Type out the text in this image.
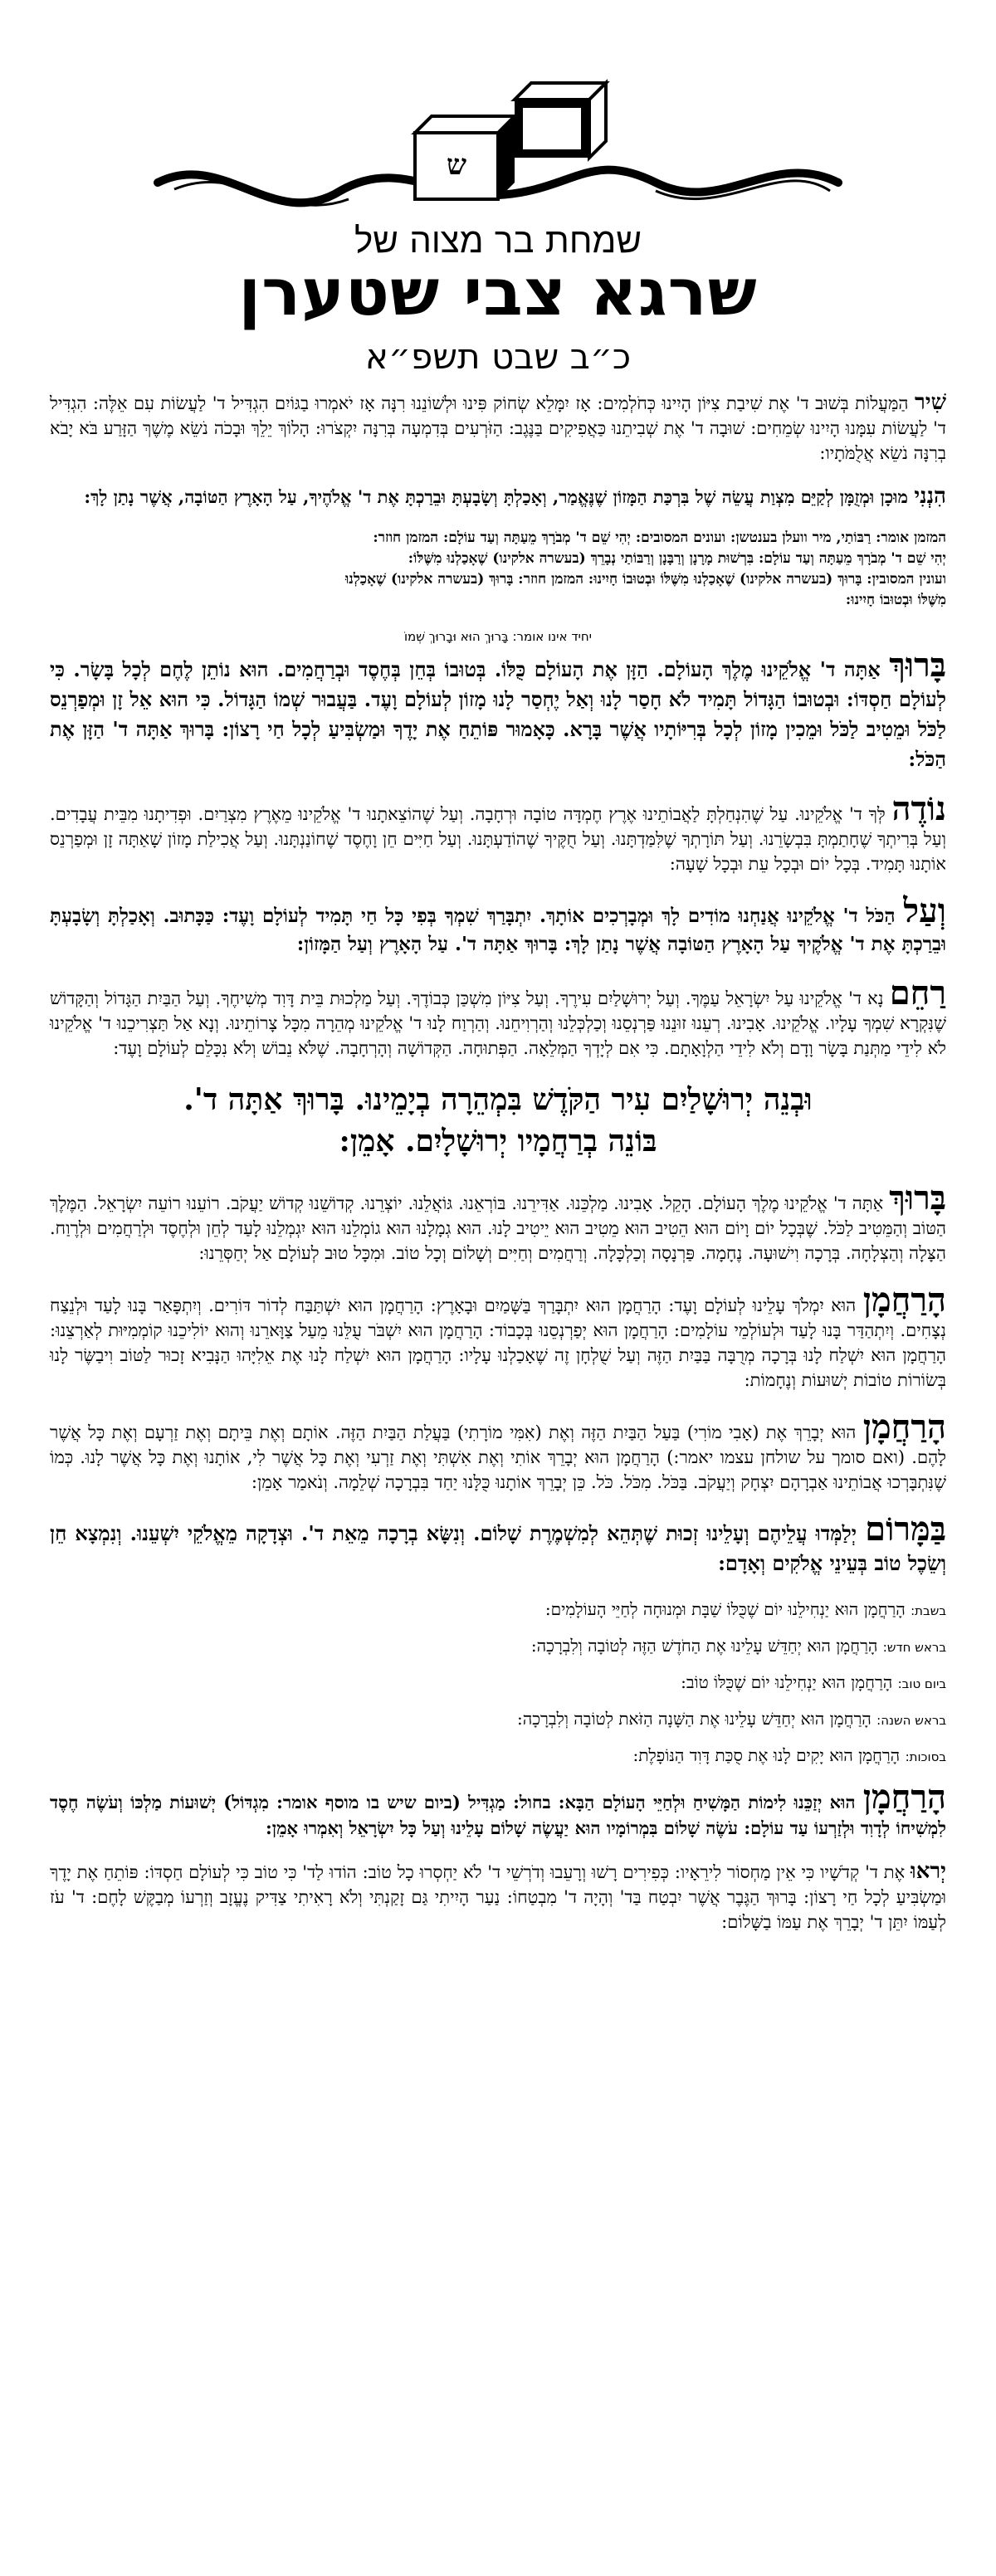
ש
שמחת בר מצוה של
שרגא צבי שטערן
כ״ב שבט תשפ״א

שִׁיר הַמַּעֲלוֹת בְּשׁוּב ד' אֶת שִׁיבַת צִיּוֹן הָיִינוּ כְּחֹלְמִים: אָז יִמָּלֵא שְׂחוֹק פִּינוּ וּלְשׁוֹנֵנוּ רִנָּה אָז יֹאמְרוּ בַגּוֹיִם הִגְדִּיל ד' לַעֲשׂוֹת עִם אֵלֶּה: הִגְדִּיל ד' לַעֲשׂוֹת עִמָּנוּ הָיִינוּ שְׂמֵחִים: שׁוּבָה ד' אֶת שְׁבִיתֵנוּ כַּאֲפִיקִים בַּנֶּגֶב: הַזֹּרְעִים בְּדִמְעָה בְּרִנָּה יִקְצֹרוּ: הָלוֹךְ יֵלֵךְ וּבָכֹה נֹשֵׂא מֶשֶׁךְ הַזָּרַע בֹּא יָבֹא בְרִנָּה נֹשֵׂא אֲלֻמֹּתָיו:

הִנְנִי מוּכָן וּמְזֻמָּן לְקַיֵּם מִצְוַת עֲשֵׂה שֶׁל בִּרְכַּת הַמָּזוֹן שֶׁנֶּאֱמַר, וְאָכַלְתָּ וְשָׂבָעְתָּ וּבֵרַכְתָּ אֶת ד' אֱלֹהֶיךָ, עַל הָאָרֶץ הַטּוֹבָה, אֲשֶׁר נָתַן לָךְ:

המזמן אומר: רַבּוֹתַי, מיר וועלן בענטשן: ועונים המסובים: יְהִי שֵׁם ד' מְבֹרָךְ מֵעַתָּה וְעַד עוֹלָם: המזמן חוזר:
יְהִי שֵׁם ד' מְבֹרָךְ מֵעַתָּה וְעַד עוֹלָם: בִּרְשׁוּת מָרָנָן וְרַבָּנָן וְרַבּוֹתַי נְבָרֵךְ (בעשרה אלקינו) שֶׁאָכַלְנוּ מִשֶּׁלּוֹ:
ועונין המסובין: בָּרוּךְ (בעשרה אלקינו) שֶׁאָכַלְנוּ מִשֶּׁלּוֹ וּבְטוּבוֹ חָיִינוּ: המזמן חוזר: בָּרוּךְ (בעשרה אלקינו) שֶׁאָכַלְנוּ
מִשֶּׁלּוֹ וּבְטוּבוֹ חָיִינוּ:
יחיד אינו אומר: בָּרוּךְ הוּא וּבָרוּךְ שְׁמוֹ

בָּרוּךְ אַתָּה ד' אֱלֹקֵינוּ מֶלֶךְ הָעוֹלָם. הַזָּן אֶת הָעוֹלָם כֻּלּוֹ. בְּטוּבוֹ בְּחֵן בְּחֶסֶד וּבְרַחֲמִים. הוּא נוֹתֵן לֶחֶם לְכָל בָּשָׂר. כִּי לְעוֹלָם חַסְדּוֹ: וּבְטוּבוֹ הַגָּדוֹל תָּמִיד לֹא חָסַר לָנוּ וְאַל יֶחְסַר לָנוּ מָזוֹן לְעוֹלָם וָעֶד. בַּעֲבוּר שְׁמוֹ הַגָּדוֹל. כִּי הוּא אֵל זָן וּמְפַרְנֵס לַכֹּל וּמֵטִיב לַכֹּל וּמֵכִין מָזוֹן לְכָל בְּרִיּוֹתָיו אֲשֶׁר בָּרָא. כָּאָמוּר פּוֹתֵחַ אֶת יָדֶךָ וּמַשְׂבִּיעַ לְכָל חַי רָצוֹן: בָּרוּךְ אַתָּה ד' הַזָּן אֶת הַכֹּל:

נוֹדֶה לְּךָ ד' אֱלֹקֵינוּ. עַל שֶׁהִנְחַלְתָּ לַאֲבוֹתֵינוּ אֶרֶץ חֶמְדָּה טוֹבָה וּרְחָבָה. וְעַל שֶׁהוֹצֵאתָנוּ ד' אֱלֹקֵינוּ מֵאֶרֶץ מִצְרַיִם. וּפְדִיתָנוּ מִבֵּית עֲבָדִים. וְעַל בְּרִיתְךָ שֶׁחָתַמְתָּ בִּבְשָׂרֵנוּ. וְעַל תּוֹרָתְךָ שֶׁלִּמַּדְתָּנוּ. וְעַל חֻקֶּיךָ שֶׁהוֹדַעְתָּנוּ. וְעַל חַיִּים חֵן וָחֶסֶד שֶׁחוֹנַנְתָּנוּ. וְעַל אֲכִילַת מָזוֹן שָׁאַתָּה זָן וּמְפַרְנֵס אוֹתָנוּ תָּמִיד. בְּכָל יוֹם וּבְכָל עֵת וּבְכָל שָׁעָה:

וְעַל הַכֹּל ד' אֱלֹקֵינוּ אֲנַחְנוּ מוֹדִים לָךְ וּמְבָרְכִים אוֹתָךְ. יִתְבָּרַךְ שִׁמְךָ בְּפִי כָּל חַי תָּמִיד לְעוֹלָם וָעֶד: כַּכָּתוּב. וְאָכַלְתָּ וְשָׂבָעְתָּ וּבֵרַכְתָּ אֶת ד' אֱלֹקֶיךָ עַל הָאָרֶץ הַטּוֹבָה אֲשֶׁר נָתַן לָךְ: בָּרוּךְ אַתָּה ד'. עַל הָאָרֶץ וְעַל הַמָּזוֹן:

רַחֵם נָא ד' אֱלֹקֵינוּ עַל יִשְׂרָאֵל עַמֶּךָ. וְעַל יְרוּשָׁלַיִם עִירֶךָ. וְעַל צִיּוֹן מִשְׁכַּן כְּבוֹדֶךָ. וְעַל מַלְכוּת בֵּית דָּוִד מְשִׁיחֶךָ. וְעַל הַבַּיִת הַגָּדוֹל וְהַקָּדוֹשׁ שֶׁנִּקְרָא שִׁמְךָ עָלָיו. אֱלֹקֵינוּ. אָבִינוּ. רְעֵנוּ זוּנֵנוּ פַּרְנְסֵנוּ וְכַלְכְּלֵנוּ וְהַרְוִיחֵנוּ. וְהַרְוַח לָנוּ ד' אֱלֹקֵינוּ מְהֵרָה מִכָּל צָרוֹתֵינוּ. וְנָא אַל תַּצְרִיכֵנוּ ד' אֱלֹקֵינוּ לֹא לִידֵי מַתְּנַת בָּשָׂר וָדָם וְלֹא לִידֵי הַלְוָאָתָם. כִּי אִם לְיָדְךָ הַמְּלֵאָה. הַפְּתוּחָה. הַקְּדוֹשָׁה וְהָרְחָבָה. שֶׁלֹּא נֵבוֹשׁ וְלֹא נִכָּלֵם לְעוֹלָם וָעֶד:

וּבְנֵה יְרוּשָׁלַיִם עִיר הַקֹּדֶשׁ בִּמְהֵרָה בְיָמֵינוּ. בָּרוּךְ אַתָּה ד'.
בּוֹנֵה בְרַחֲמָיו יְרוּשָׁלָיִם. אָמֵן:

בָּרוּךְ אַתָּה ד' אֱלֹקֵינוּ מֶלֶךְ הָעוֹלָם. הָקֵל. אָבִינוּ. מַלְכֵּנוּ. אַדִּירֵנוּ. בּוֹרְאֵנוּ. גּוֹאֲלֵנוּ. יוֹצְרֵנוּ. קְדוֹשֵׁנוּ קְדוֹשׁ יַעֲקֹב. רוֹעֵנוּ רוֹעֵה יִשְׂרָאֵל. הַמֶּלֶךְ הַטּוֹב וְהַמֵּטִיב לַכֹּל. שֶׁבְּכָל יוֹם וָיוֹם הוּא הֵטִיב הוּא מֵטִיב הוּא יֵיטִיב לָנוּ. הוּא גְמָלָנוּ הוּא גוֹמְלֵנוּ הוּא יִגְמְלֵנוּ לָעַד לְחֵן וּלְחֶסֶד וּלְרַחֲמִים וּלְרֶוַח. הַצָּלָה וְהַצְלָחָה. בְּרָכָה וִישׁוּעָה. נֶחָמָה. פַּרְנָסָה וְכַלְכָּלָה. וְרַחֲמִים וְחַיִּים וְשָׁלוֹם וְכָל טוֹב. וּמִכָּל טוּב לְעוֹלָם אַל יְחַסְּרֵנוּ:

הָרַחֲמָן הוּא יִמְלֹךְ עָלֵינוּ לְעוֹלָם וָעֶד: הָרַחֲמָן הוּא יִתְבָּרַךְ בַּשָּׁמַיִם וּבָאָרֶץ: הָרַחֲמָן הוּא יִשְׁתַּבַּח לְדוֹר דּוֹרִים. וְיִתְפָּאַר בָּנוּ לָעַד וּלְנֵצַח נְצָחִים. וְיִתְהַדַּר בָּנוּ לָעַד וּלְעוֹלְמֵי עוֹלָמִים: הָרַחֲמָן הוּא יְפַרְנְסֵנוּ בְּכָבוֹד: הָרַחֲמָן הוּא יִשְׁבֹּר עֻלֵּנוּ מֵעַל צַוָּארֵנוּ וְהוּא יוֹלִיכֵנוּ קוֹמְמִיּוּת לְאַרְצֵנוּ: הָרַחֲמָן הוּא יִשְׁלַח לָנוּ בְּרָכָה מְרֻבָּה בַּבַּיִת הַזֶּה וְעַל שֻׁלְחָן זֶה שֶׁאָכַלְנוּ עָלָיו: הָרַחֲמָן הוּא יִשְׁלַח לָנוּ אֶת אֵלִיָּהוּ הַנָּבִיא זָכוּר לַטּוֹב וִיבַשֶּׂר לָנוּ בְּשׂוֹרוֹת טוֹבוֹת יְשׁוּעוֹת וְנֶחָמוֹת:

הָרַחֲמָן הוּא יְבָרֵךְ אֶת (אָבִי מוֹרִי) בַּעַל הַבַּיִת הַזֶּה וְאֶת (אִמִּי מוֹרָתִי) בַּעֲלַת הַבַּיִת הַזֶּה. אוֹתָם וְאֶת בֵּיתָם וְאֶת זַרְעָם וְאֶת כָּל אֲשֶׁר לָהֶם. (ואם סומך על שולחן עצמו יאמר:) הָרַחֲמָן הוּא יְבָרֵךְ אוֹתִי וְאֶת אִשְׁתִּי וְאֶת זַרְעִי וְאֶת כָּל אֲשֶׁר לִי, אוֹתָנוּ וְאֶת כָּל אֲשֶׁר לָנוּ. כְּמוֹ שֶׁנִּתְבָּרְכוּ אֲבוֹתֵינוּ אַבְרָהָם יִצְחָק וְיַעֲקֹב. בַּכֹּל. מִכֹּל. כֹּל. כֵּן יְבָרֵךְ אוֹתָנוּ כֻּלָּנוּ יַחַד בִּבְרָכָה שְׁלֵמָה. וְנֹאמַר אָמֵן:

בַּמָּרוֹם יְלַמְּדוּ עֲלֵיהֶם וְעָלֵינוּ זְכוּת שֶׁתְּהֵא לְמִשְׁמֶרֶת שָׁלוֹם. וְנִשָּׂא בְרָכָה מֵאֵת ד'. וּצְדָקָה מֵאֱלֹקֵי יִשְׁעֵנוּ. וְנִמְצָא חֵן וְשֵׂכֶל טוֹב בְּעֵינֵי אֱלֹקִים וְאָדָם:

בשבת: הָרַחֲמָן הוּא יַנְחִילֵנוּ יוֹם שֶׁכֻּלּוֹ שַׁבָּת וּמְנוּחָה לְחַיֵּי הָעוֹלָמִים:
בראש חדש: הָרַחֲמָן הוּא יְחַדֵּשׁ עָלֵינוּ אֶת הַחֹדֶשׁ הַזֶּה לְטוֹבָה וְלִבְרָכָה:
ביום טוב: הָרַחֲמָן הוּא יַנְחִילֵנוּ יוֹם שֶׁכֻּלּוֹ טוֹב:
בראש השנה: הָרַחֲמָן הוּא יְחַדֵּשׁ עָלֵינוּ אֶת הַשָּׁנָה הַזֹּאת לְטוֹבָה וְלִבְרָכָה:
בסוכות: הָרַחֲמָן הוּא יָקִים לָנוּ אֶת סֻכַּת דָּוִד הַנּוֹפָלֶת:

הָרַחֲמָן הוּא יְזַכֵּנוּ לִימוֹת הַמָּשִׁיחַ וּלְחַיֵּי הָעוֹלָם הַבָּא: בחול: מַגְדִּיל (ביום שיש בו מוסף אומר: מִגְדּוֹל) יְשׁוּעוֹת מַלְכּוֹ וְעֹשֶׂה חֶסֶד לִמְשִׁיחוֹ לְדָוִד וּלְזַרְעוֹ עַד עוֹלָם: עֹשֶׂה שָׁלוֹם בִּמְרוֹמָיו הוּא יַעֲשֶׂה שָׁלוֹם עָלֵינוּ וְעַל כָּל יִשְׂרָאֵל וְאִמְרוּ אָמֵן:

יְראוּ אֶת ד' קְדֹשָׁיו כִּי אֵין מַחְסוֹר לִירֵאָיו: כְּפִירִים רָשׁוּ וְרָעֵבוּ וְדֹרְשֵׁי ד' לֹא יַחְסְרוּ כָל טוֹב: הוֹדוּ לַד' כִּי טוֹב כִּי לְעוֹלָם חַסְדּוֹ: פּוֹתֵחַ אֶת יָדֶךָ וּמַשְׂבִּיעַ לְכָל חַי רָצוֹן: בָּרוּךְ הַגֶּבֶר אֲשֶׁר יִבְטַח בַּד' וְהָיָה ד' מִבְטַחוֹ: נַעַר הָיִיתִי גַּם זָקַנְתִּי וְלֹא רָאִיתִי צַדִּיק נֶעֱזָב וְזַרְעוֹ מְבַקֶּשׁ לָחֶם: ד' עֹז לְעַמּוֹ יִתֵּן ד' יְבָרֵךְ אֶת עַמּוֹ בַשָּׁלוֹם:
